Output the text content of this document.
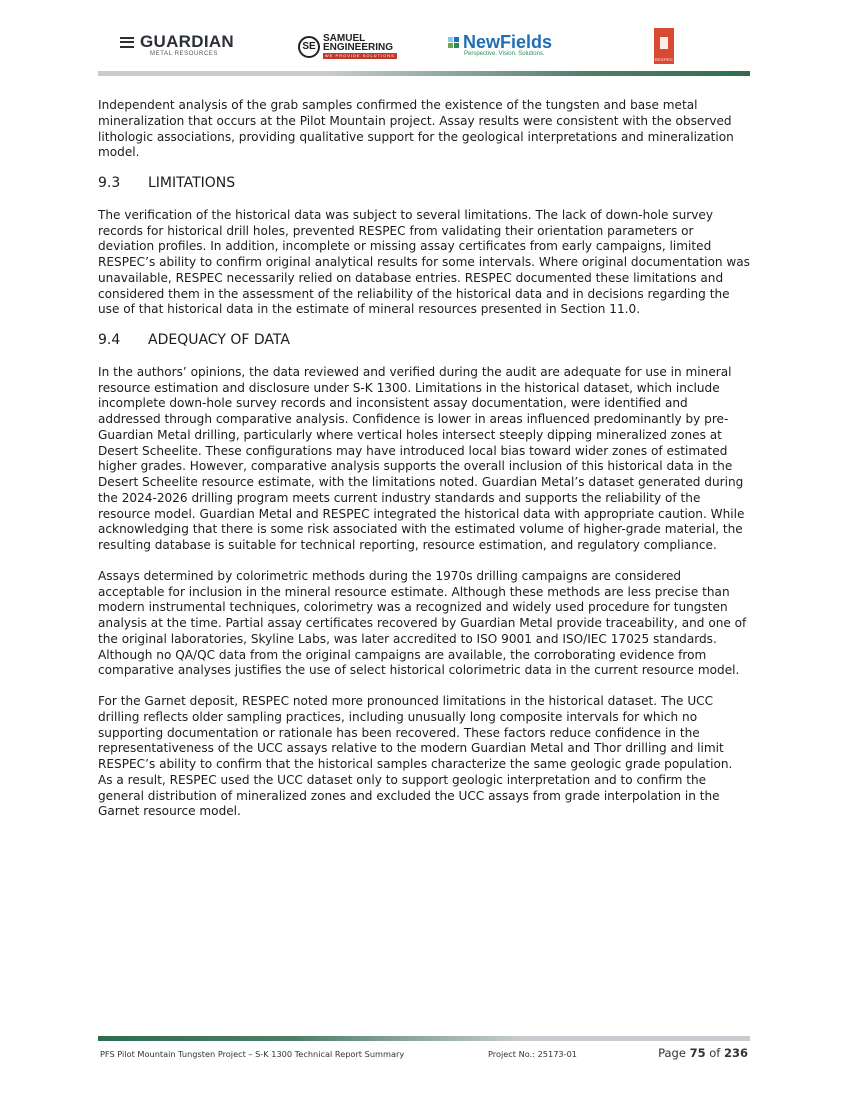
GUARDIAN
METAL RESOURCES
SE
SAMUEL
ENGINEERING
WE PROVIDE SOLUTIONS
NewFields
Perspective. Vision. Solutions.
RESPEC

Independent analysis of the grab samples confirmed the existence of the tungsten and base metal mineralization that occurs at the Pilot Mountain project. Assay results were consistent with the observed lithologic associations, providing qualitative support for the geological interpretations and mineralization model.

9.3	LIMITATIONS

The verification of the historical data was subject to several limitations. The lack of down-hole survey records for historical drill holes, prevented RESPEC from validating their orientation parameters or deviation profiles. In addition, incomplete or missing assay certificates from early campaigns, limited RESPEC’s ability to confirm original analytical results for some intervals. Where original documentation was unavailable, RESPEC necessarily relied on database entries. RESPEC documented these limitations and considered them in the assessment of the reliability of the historical data and in decisions regarding the use of that historical data in the estimate of mineral resources presented in Section 11.0.

9.4	ADEQUACY OF DATA

In the authors’ opinions, the data reviewed and verified during the audit are adequate for use in mineral resource estimation and disclosure under S-K 1300. Limitations in the historical dataset, which include incomplete down-hole survey records and inconsistent assay documentation, were identified and addressed through comparative analysis. Confidence is lower in areas influenced predominantly by pre-Guardian Metal drilling, particularly where vertical holes intersect steeply dipping mineralized zones at Desert Scheelite. These configurations may have introduced local bias toward wider zones of estimated higher grades. However, comparative analysis supports the overall inclusion of this historical data in the Desert Scheelite resource estimate, with the limitations noted. Guardian Metal’s dataset generated during the 2024-2026 drilling program meets current industry standards and supports the reliability of the resource model. Guardian Metal and RESPEC integrated the historical data with appropriate caution. While acknowledging that there is some risk associated with the estimated volume of higher-grade material, the resulting database is suitable for technical reporting, resource estimation, and regulatory compliance.

Assays determined by colorimetric methods during the 1970s drilling campaigns are considered acceptable for inclusion in the mineral resource estimate. Although these methods are less precise than modern instrumental techniques, colorimetry was a recognized and widely used procedure for tungsten analysis at the time. Partial assay certificates recovered by Guardian Metal provide traceability, and one of the original laboratories, Skyline Labs, was later accredited to ISO 9001 and ISO/IEC 17025 standards. Although no QA/QC data from the original campaigns are available, the corroborating evidence from comparative analyses justifies the use of select historical colorimetric data in the current resource model.

For the Garnet deposit, RESPEC noted more pronounced limitations in the historical dataset. The UCC drilling reflects older sampling practices, including unusually long composite intervals for which no supporting documentation or rationale has been recovered. These factors reduce confidence in the representativeness of the UCC assays relative to the modern Guardian Metal and Thor drilling and limit RESPEC’s ability to confirm that the historical samples characterize the same geologic grade population. As a result, RESPEC used the UCC dataset only to support geologic interpretation and to confirm the general distribution of mineralized zones and excluded the UCC assays from grade interpolation in the Garnet resource model.

PFS Pilot Mountain Tungsten Project – S-K 1300 Technical Report Summary	Project No.: 25173-01	Page 75 of 236
